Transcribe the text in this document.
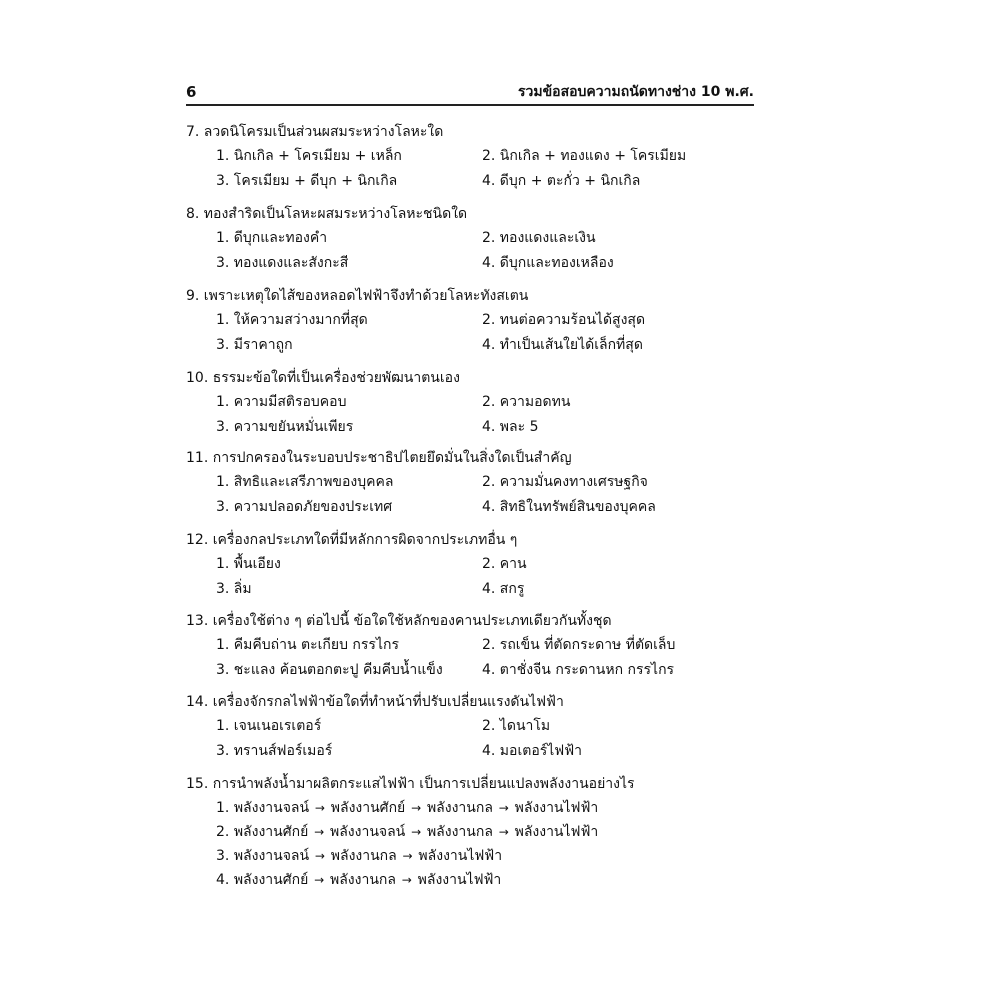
6	รวมข้อสอบความถนัดทางช่าง 10 พ.ศ.
7. ลวดนิโครมเป็นส่วนผสมระหว่างโลหะใด
1. นิกเกิล + โครเมียม + เหล็ก	2. นิกเกิล + ทองแดง + โครเมียม
3. โครเมียม + ดีบุก + นิกเกิล	4. ดีบุก + ตะกั่ว + นิกเกิล
8. ทองสำริดเป็นโลหะผสมระหว่างโลหะชนิดใด
1. ดีบุกและทองคำ	2. ทองแดงและเงิน
3. ทองแดงและสังกะสี	4. ดีบุกและทองเหลือง
9. เพราะเหตุใดไส้ของหลอดไฟฟ้าจึงทำด้วยโลหะทังสเตน
1. ให้ความสว่างมากที่สุด	2. ทนต่อความร้อนได้สูงสุด
3. มีราคาถูก	4. ทำเป็นเส้นใยได้เล็กที่สุด
10. ธรรมะข้อใดที่เป็นเครื่องช่วยพัฒนาตนเอง
1. ความมีสติรอบคอบ	2. ความอดทน
3. ความขยันหมั่นเพียร	4. พละ 5
11. การปกครองในระบอบประชาธิปไตยยึดมั่นในสิ่งใดเป็นสำคัญ
1. สิทธิและเสรีภาพของบุคคล	2. ความมั่นคงทางเศรษฐกิจ
3. ความปลอดภัยของประเทศ	4. สิทธิในทรัพย์สินของบุคคล
12. เครื่องกลประเภทใดที่มีหลักการผิดจากประเภทอื่น ๆ
1. พื้นเอียง	2. คาน
3. ลิ่ม	4. สกรู
13. เครื่องใช้ต่าง ๆ ต่อไปนี้ ข้อใดใช้หลักของคานประเภทเดียวกันทั้งชุด
1. คีมคีบถ่าน ตะเกียบ กรรไกร	2. รถเข็น ที่ตัดกระดาษ ที่ตัดเล็บ
3. ชะแลง ค้อนตอกตะปู คีมคีบน้ำแข็ง	4. ตาชั่งจีน กระดานหก กรรไกร
14. เครื่องจักรกลไฟฟ้าข้อใดที่ทำหน้าที่ปรับเปลี่ยนแรงดันไฟฟ้า
1. เจนเนอเรเตอร์	2. ไดนาโม
3. ทรานส์ฟอร์เมอร์	4. มอเตอร์ไฟฟ้า
15. การนำพลังน้ำมาผลิตกระแสไฟฟ้า เป็นการเปลี่ยนแปลงพลังงานอย่างไร
1. พลังงานจลน์ → พลังงานศักย์ → พลังงานกล → พลังงานไฟฟ้า
2. พลังงานศักย์ → พลังงานจลน์ → พลังงานกล → พลังงานไฟฟ้า
3. พลังงานจลน์ → พลังงานกล → พลังงานไฟฟ้า
4. พลังงานศักย์ → พลังงานกล → พลังงานไฟฟ้า
